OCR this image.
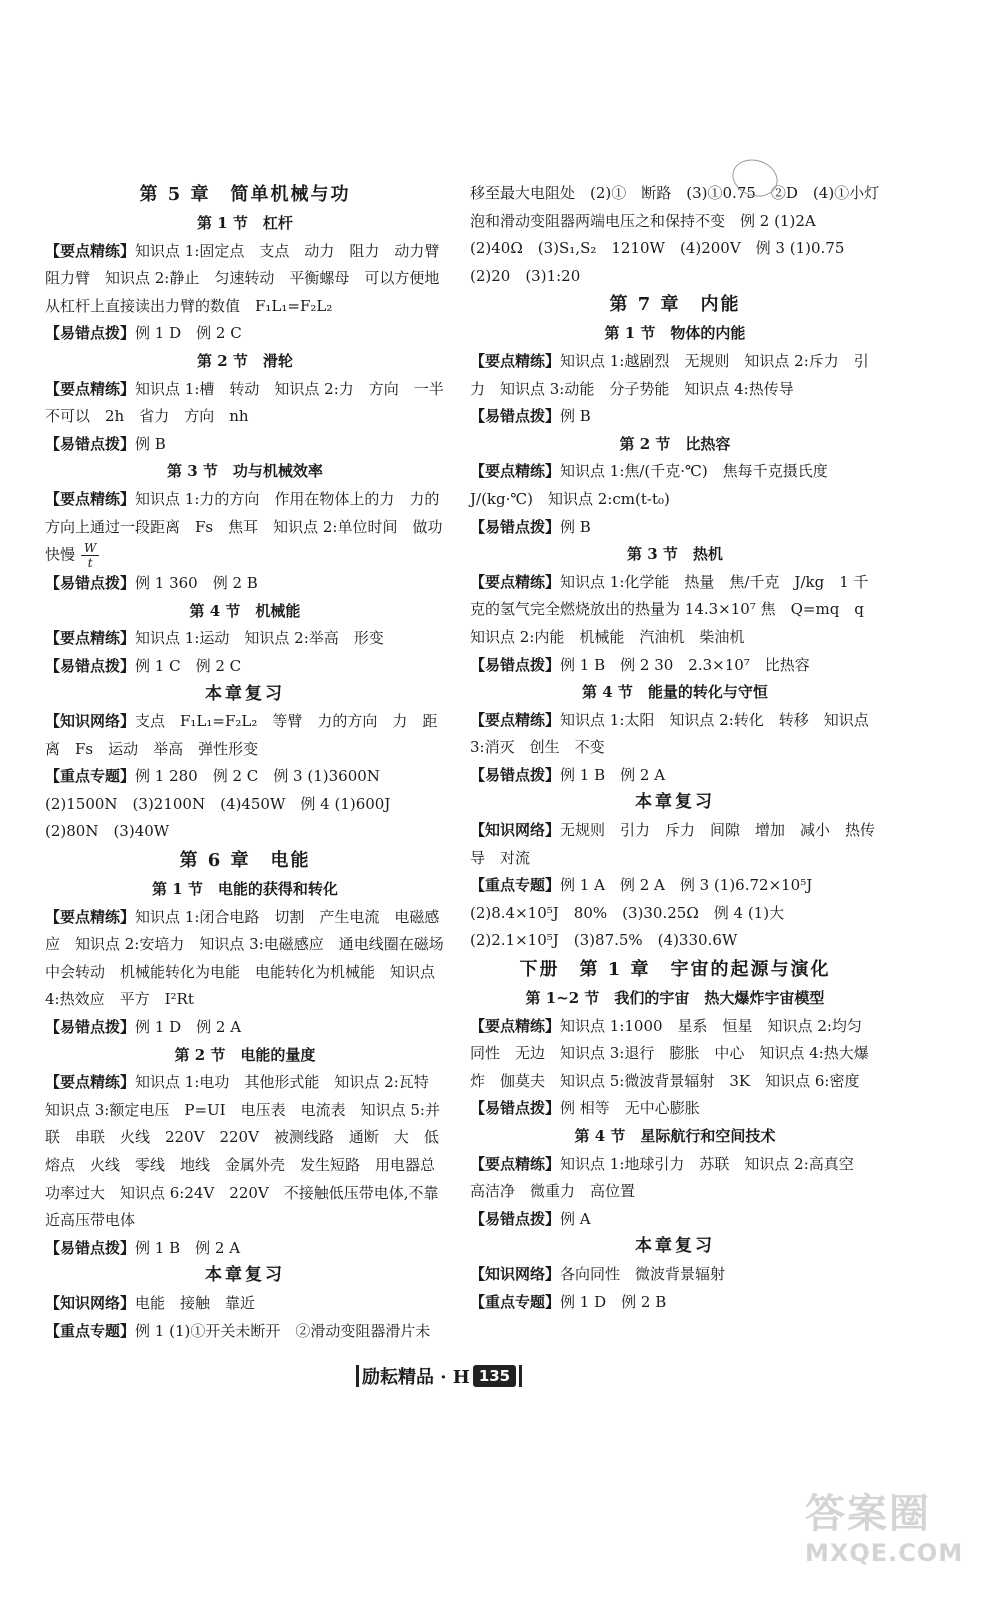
第 5 章　简单机械与功
第 1 节　杠杆
【要点精练】知识点 1:固定点　支点　动力　阻力　动力臂　阻力臂　知识点 2:静止　匀速转动　平衡螺母　可以方便地从杠杆上直接读出力臂的数值　F₁L₁=F₂L₂
【易错点拨】例 1 D　例 2 C
第 2 节　滑轮
【要点精练】知识点 1:槽　转动　知识点 2:力　方向　一半　不可以　2h　省力　方向　nh
【易错点拨】例 B
第 3 节　功与机械效率
【要点精练】知识点 1:力的方向　作用在物体上的力　力的方向上通过一段距离　Fs　焦耳　知识点 2:单位时间　做功快慢 $\frac{W}{t}$
【易错点拨】例 1 360　例 2 B
第 4 节　机械能
【要点精练】知识点 1:运动　知识点 2:举高　形变
【易错点拨】例 1 C　例 2 C
本章复习
【知识网络】支点　F₁L₁=F₂L₂　等臂　力的方向　力　距离　Fs　运动　举高　弹性形变
【重点专题】例 1 280　例 2 C　例 3 (1)3600N　(2)1500N　(3)2100N　(4)450W　例 4 (1)600J　(2)80N　(3)40W
第 6 章　电能
第 1 节　电能的获得和转化
【要点精练】知识点 1:闭合电路　切割　产生电流　电磁感应　知识点 2:安培力　知识点 3:电磁感应　通电线圈在磁场中会转动　机械能转化为电能　电能转化为机械能　知识点 4:热效应　平方　I²Rt
【易错点拨】例 1 D　例 2 A
第 2 节　电能的量度
【要点精练】知识点 1:电功　其他形式能　知识点 2:瓦特　知识点 3:额定电压　P=UI　电压表　电流表　知识点 5:并联　串联　火线　220V　220V　被测线路　通断　大　低　熔点　火线　零线　地线　金属外壳　发生短路　用电器总功率过大　知识点 6:24V　220V　不接触低压带电体,不靠近高压带电体
【易错点拨】例 1 B　例 2 A
本章复习
【知识网络】电能　接触　靠近
【重点专题】例 1 (1)①开关未断开　②滑动变阻器滑片未
移至最大电阻处　(2)①　断路　(3)①0.75　②D　(4)①小灯泡和滑动变阻器两端电压之和保持不变　例 2 (1)2A　(2)40Ω　(3)S₁,S₂　1210W　(4)200V　例 3 (1)0.75　(2)20　(3)1:20
第 7 章　内能
第 1 节　物体的内能
【要点精练】知识点 1:越剧烈　无规则　知识点 2:斥力　引力　知识点 3:动能　分子势能　知识点 4:热传导
【易错点拨】例 B
第 2 节　比热容
【要点精练】知识点 1:焦/(千克·℃)　焦每千克摄氏度　J/(kg·℃)　知识点 2:cm(t-t₀)
【易错点拨】例 B
第 3 节　热机
【要点精练】知识点 1:化学能　热量　焦/千克　J/kg　1 千克的氢气完全燃烧放出的热量为 14.3×10⁷ 焦　Q=mq　q　知识点 2:内能　机械能　汽油机　柴油机
【易错点拨】例 1 B　例 2 30　2.3×10⁷　比热容
第 4 节　能量的转化与守恒
【要点精练】知识点 1:太阳　知识点 2:转化　转移　知识点 3:消灭　创生　不变
【易错点拨】例 1 B　例 2 A
本章复习
【知识网络】无规则　引力　斥力　间隙　增加　减小　热传导　对流
【重点专题】例 1 A　例 2 A　例 3 (1)6.72×10⁵J　(2)8.4×10⁵J　80%　(3)30.25Ω　例 4 (1)大　(2)2.1×10⁵J　(3)87.5%　(4)330.6W
下册　第 1 章　宇宙的起源与演化
第 1~2 节　我们的宇宙　热大爆炸宇宙模型
【要点精练】知识点 1:1000　星系　恒星　知识点 2:均匀　同性　无边　知识点 3:退行　膨胀　中心　知识点 4:热大爆炸　伽莫夫　知识点 5:微波背景辐射　3K　知识点 6:密度
【易错点拨】例 相等　无中心膨胀
第 4 节　星际航行和空间技术
【要点精练】知识点 1:地球引力　苏联　知识点 2:高真空　高洁净　微重力　高位置
【易错点拨】例 A
本章复习
【知识网络】各向同性　微波背景辐射
【重点专题】例 1 D　例 2 B
励耘精品 · H 135
答案圈
MXQE.COM
